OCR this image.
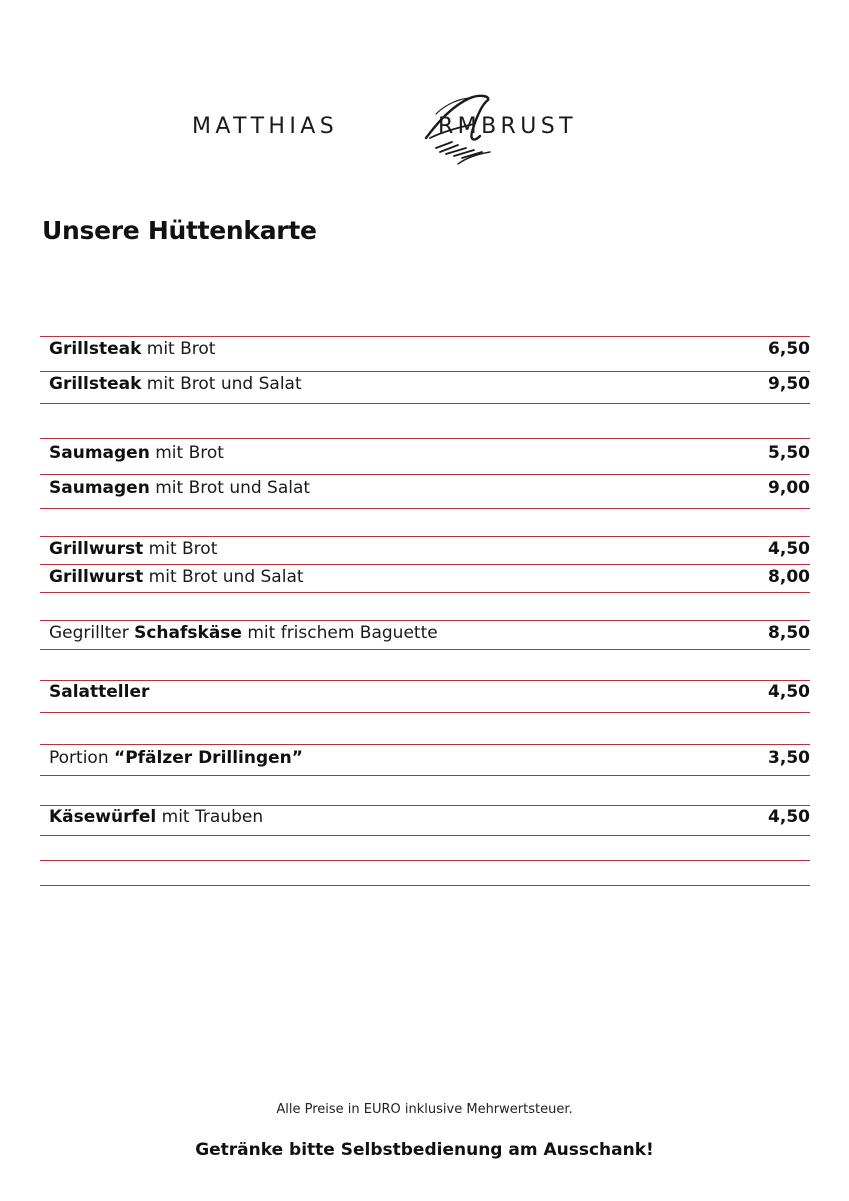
MATTHIAS	RMBRUST
Unsere Hüttenkarte
Grillsteak mit Brot	6,50
Grillsteak mit Brot und Salat	9,50
Saumagen mit Brot	5,50
Saumagen mit Brot und Salat	9,00
Grillwurst mit Brot	4,50
Grillwurst mit Brot und Salat	8,00
Gegrillter Schafskäse mit frischem Baguette	8,50
Salatteller	4,50
Portion “Pfälzer Drillingen”	3,50
Käsewürfel mit Trauben	4,50

Alle Preise in EURO inklusive Mehrwertsteuer.

Getränke bitte Selbstbedienung am Ausschank!
